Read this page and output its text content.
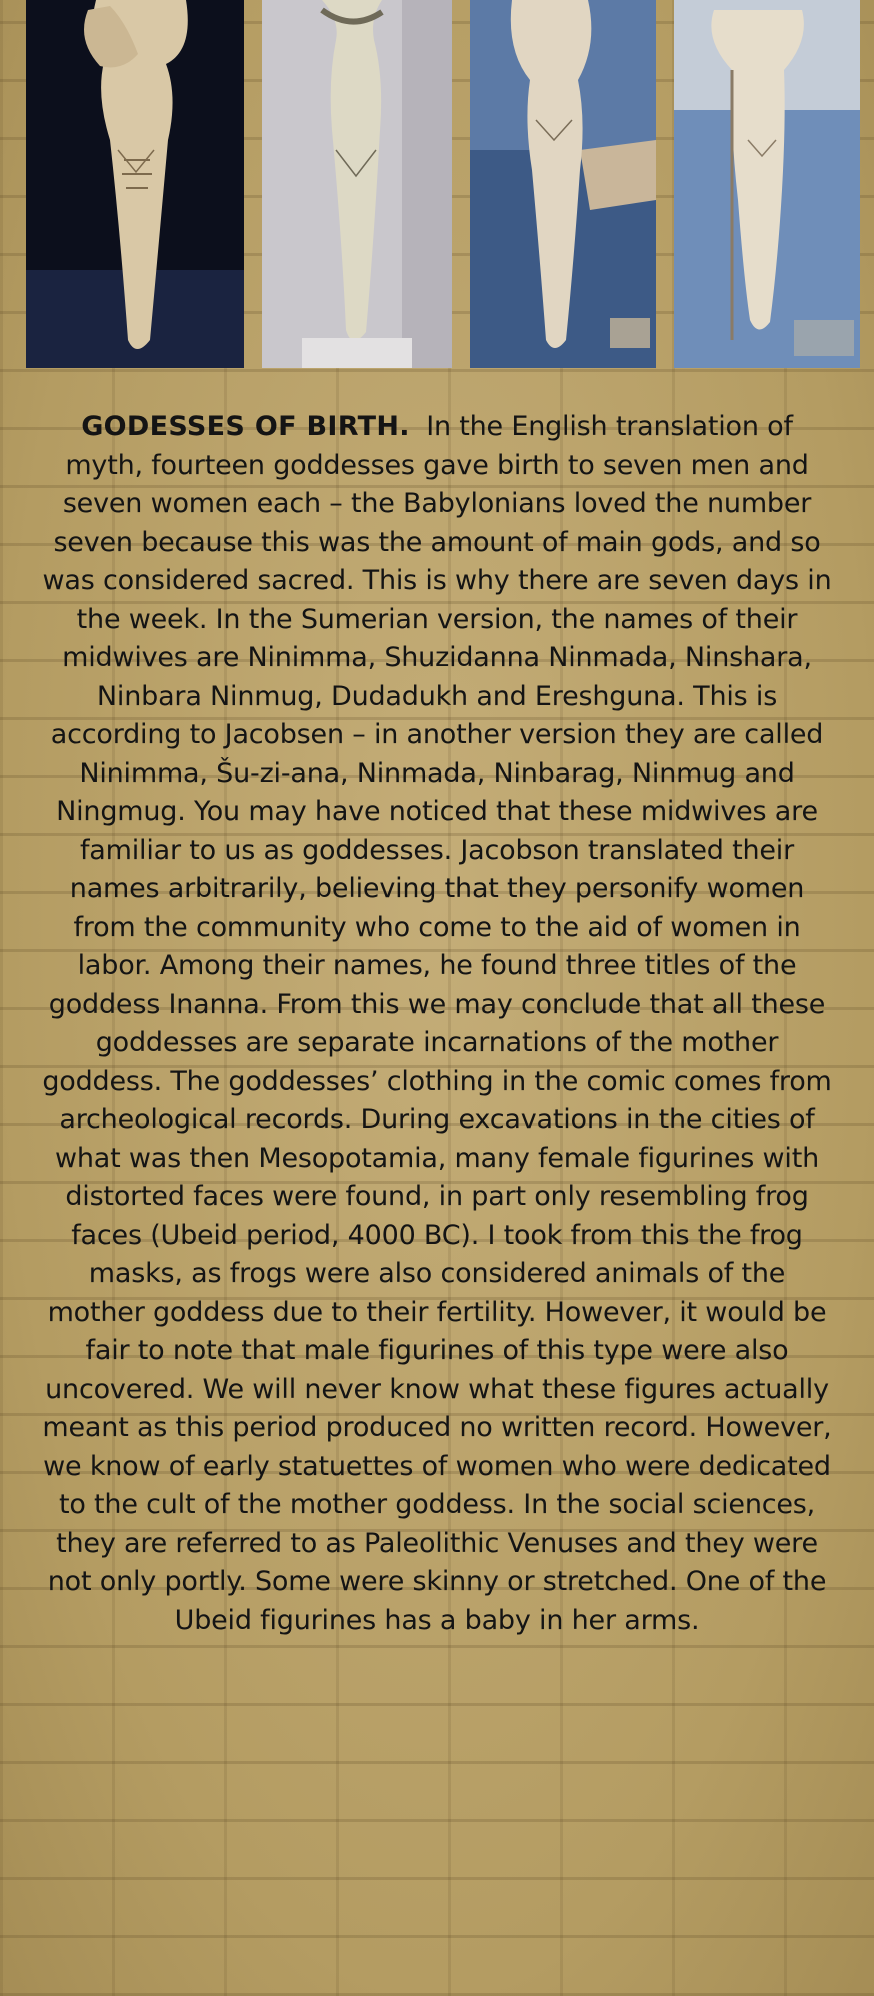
GODESSES OF BIRTH. In the English translation of myth, fourteen goddesses gave birth to seven men and seven women each – the Babylonians loved the number seven because this was the amount of main gods, and so was considered sacred. This is why there are seven days in the week. In the Sumerian version, the names of their midwives are Ninimma, Shuzidanna Ninmada, Ninshara, Ninbara Ninmug, Dudadukh and Ereshguna. This is according to Jacobsen – in another version they are called Ninimma, Šu-zi-ana, Ninmada, Ninbarag, Ninmug and Ningmug. You may have noticed that these midwives are familiar to us as goddesses. Jacobson translated their names arbitrarily, believing that they personify women from the community who come to the aid of women in labor. Among their names, he found three titles of the goddess Inanna. From this we may conclude that all these goddesses are separate incarnations of the mother goddess. The goddesses’ clothing in the comic comes from archeological records. During excavations in the cities of what was then Mesopotamia, many female figurines with distorted faces were found, in part only resembling frog faces (Ubeid period, 4000 BC). I took from this the frog masks, as frogs were also considered animals of the mother goddess due to their fertility. However, it would be fair to note that male figurines of this type were also uncovered. We will never know what these figures actually meant as this period produced no written record. However, we know of early statuettes of women who were dedicated to the cult of the mother goddess. In the social sciences, they are referred to as Paleolithic Venuses and they were not only portly. Some were skinny or stretched. One of the Ubeid figurines has a baby in her arms.
